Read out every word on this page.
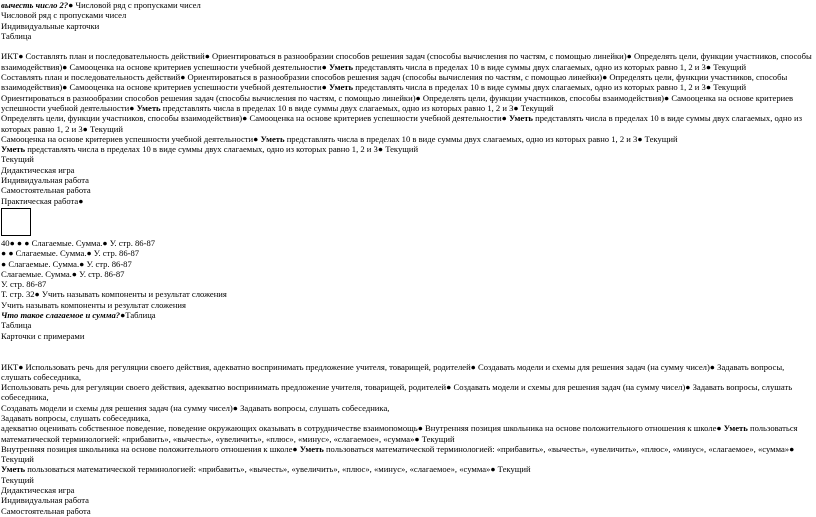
вычесть число 2?● Числовой ряд с пропусками чисел
Числовой ряд с пропусками чисел
Индивидуальные карточки
Таблица
ИКТ● Составлять план и последовательность действий● Ориентироваться в разнообразии способов решения задач (способы вычисления по частям, с помощью линейки)● Определять цели, функции участников, способы взаимодействия)● Самооценка на основе критериев успешности учебной деятельности● Уметь представлять числа в пределах 10 в виде суммы двух слагаемых, одно из которых равно 1, 2 и 3● Текущий
Составлять план и последовательность действий● Ориентироваться в разнообразии способов решения задач (способы вычисления по частям, с помощью линейки)● Определять цели, функции участников, способы взаимодействия)● Самооценка на основе критериев успешности учебной деятельности● Уметь представлять числа в пределах 10 в виде суммы двух слагаемых, одно из которых равно 1, 2 и 3● Текущий
Ориентироваться в разнообразии способов решения задач (способы вычисления по частям, с помощью линейки)● Определять цели, функции участников, способы взаимодействия)● Самооценка на основе критериев успешности учебной деятельности● Уметь представлять числа в пределах 10 в виде суммы двух слагаемых, одно из которых равно 1, 2 и 3● Текущий
Определять цели, функции участников, способы взаимодействия)● Самооценка на основе критериев успешности учебной деятельности● Уметь представлять числа в пределах 10 в виде суммы двух слагаемых, одно из которых равно 1, 2 и 3● Текущий
Самооценка на основе критериев успешности учебной деятельности● Уметь представлять числа в пределах 10 в виде суммы двух слагаемых, одно из которых равно 1, 2 и 3● Текущий
Уметь представлять числа в пределах 10 в виде суммы двух слагаемых, одно из которых равно 1, 2 и 3● Текущий
Текущий
Дидактическая игра
Индивидуальная работа
Самостоятельная работа
Практическая работа●
40● ● ● Слагаемые. Сумма.● У. стр. 86-87
● ● Слагаемые. Сумма.● У. стр. 86-87
● Слагаемые. Сумма.● У. стр. 86-87
Слагаемые. Сумма.● У. стр. 86-87
У. стр. 86-87
Т. стр. 32● Учить называть компоненты и результат сложения
Учить называть компоненты и результат сложения
Что такое слагаемое и сумма?●Таблица
Таблица
Карточки с примерами
ИКТ● Использовать речь для регуляции своего действия, адекватно воспринимать предложение учителя, товарищей, родителей● Создавать модели и схемы для решения задач (на сумму чисел)● Задавать вопросы, слушать собеседника,
Использовать речь для регуляции своего действия, адекватно воспринимать предложение учителя, товарищей, родителей● Создавать модели и схемы для решения задач (на сумму чисел)● Задавать вопросы, слушать собеседника,
Создавать модели и схемы для решения задач (на сумму чисел)● Задавать вопросы, слушать собеседника,
Задавать вопросы, слушать собеседника,
адекватно оценивать собственное поведение, поведение окружающих оказывать в сотрудничестве взаимопомощь● Внутренняя позиция школьника на основе положительного отношения к школе● Уметь пользоваться математической терминологией: «прибавить», «вычесть», «увеличить», «плюс», «минус», «слагаемое», «сумма»● Текущий
Внутренняя позиция школьника на основе положительного отношения к школе● Уметь пользоваться математической терминологией: «прибавить», «вычесть», «увеличить», «плюс», «минус», «слагаемое», «сумма»● Текущий
Уметь пользоваться математической терминологией: «прибавить», «вычесть», «увеличить», «плюс», «минус», «слагаемое», «сумма»● Текущий
Текущий
Дидактическая игра
Индивидуальная работа
Самостоятельная работа
